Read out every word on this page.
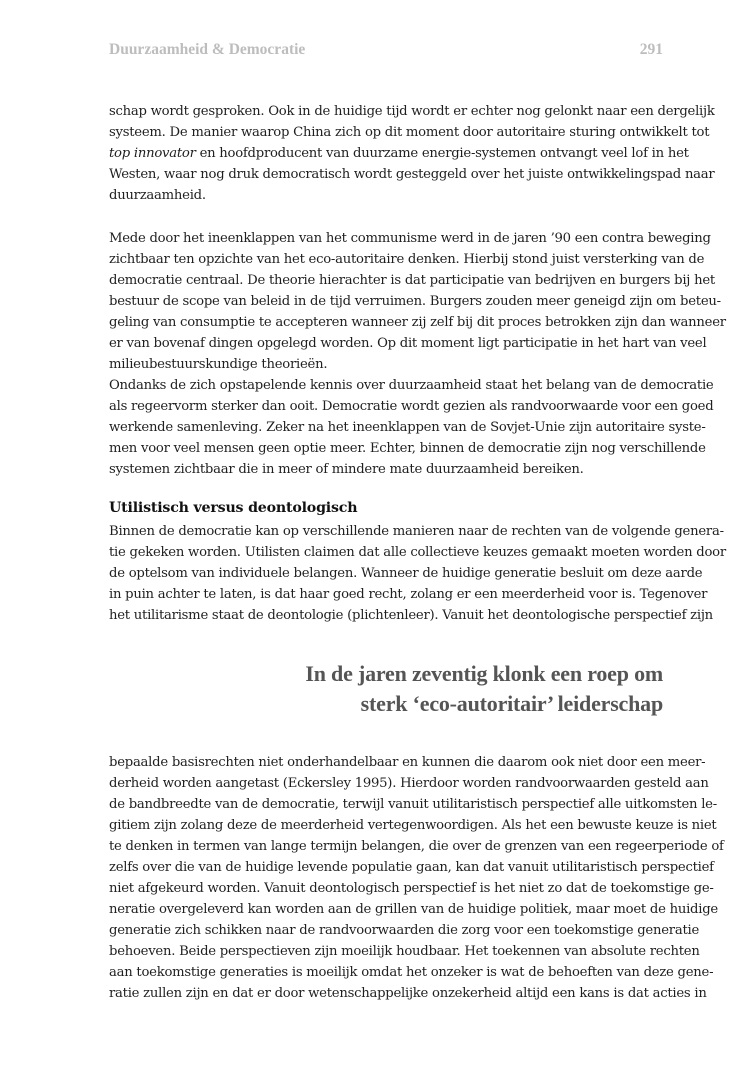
Duurzaamheid & Democratie	291
schap wordt gesproken. Ook in de huidige tijd wordt er echter nog gelonkt naar een dergelijk
systeem. De manier waarop China zich op dit moment door autoritaire sturing ontwikkelt tot
top innovator en hoofdproducent van duurzame energie-systemen ontvangt veel lof in het
Westen, waar nog druk democratisch wordt gesteggeld over het juiste ontwikkelingspad naar
duurzaamheid.
Mede door het ineenklappen van het communisme werd in de jaren ’90 een contra beweging
zichtbaar ten opzichte van het eco-autoritaire denken. Hierbij stond juist versterking van de
democratie centraal. De theorie hierachter is dat participatie van bedrijven en burgers bij het
bestuur de scope van beleid in de tijd verruimen. Burgers zouden meer geneigd zijn om beteu-
geling van consumptie te accepteren wanneer zij zelf bij dit proces betrokken zijn dan wanneer
er van bovenaf dingen opgelegd worden. Op dit moment ligt participatie in het hart van veel
milieubestuurskundige theorieën.
Ondanks de zich opstapelende kennis over duurzaamheid staat het belang van de democratie
als regeervorm sterker dan ooit. Democratie wordt gezien als randvoorwaarde voor een goed
werkende samenleving. Zeker na het ineenklappen van de Sovjet-Unie zijn autoritaire syste-
men voor veel mensen geen optie meer. Echter, binnen de democratie zijn nog verschillende
systemen zichtbaar die in meer of mindere mate duurzaamheid bereiken.
Utilistisch versus deontologisch
Binnen de democratie kan op verschillende manieren naar de rechten van de volgende genera-
tie gekeken worden. Utilisten claimen dat alle collectieve keuzes gemaakt moeten worden door
de optelsom van individuele belangen. Wanneer de huidige generatie besluit om deze aarde
in puin achter te laten, is dat haar goed recht, zolang er een meerderheid voor is. Tegenover
het utilitarisme staat de deontologie (plichtenleer). Vanuit het deontologische perspectief zijn
In de jaren zeventig klonk een roep om
sterk ‘eco-autoritair’ leiderschap
bepaalde basisrechten niet onderhandelbaar en kunnen die daarom ook niet door een meer-
derheid worden aangetast (Eckersley 1995). Hierdoor worden randvoorwaarden gesteld aan
de bandbreedte van de democratie, terwijl vanuit utilitaristisch perspectief alle uitkomsten le-
gitiem zijn zolang deze de meerderheid vertegenwoordigen. Als het een bewuste keuze is niet
te denken in termen van lange termijn belangen, die over de grenzen van een regeerperiode of
zelfs over die van de huidige levende populatie gaan, kan dat vanuit utilitaristisch perspectief
niet afgekeurd worden. Vanuit deontologisch perspectief is het niet zo dat de toekomstige ge-
neratie overgeleverd kan worden aan de grillen van de huidige politiek, maar moet de huidige
generatie zich schikken naar de randvoorwaarden die zorg voor een toekomstige generatie
behoeven. Beide perspectieven zijn moeilijk houdbaar. Het toekennen van absolute rechten
aan toekomstige generaties is moeilijk omdat het onzeker is wat de behoeften van deze gene-
ratie zullen zijn en dat er door wetenschappelijke onzekerheid altijd een kans is dat acties in
